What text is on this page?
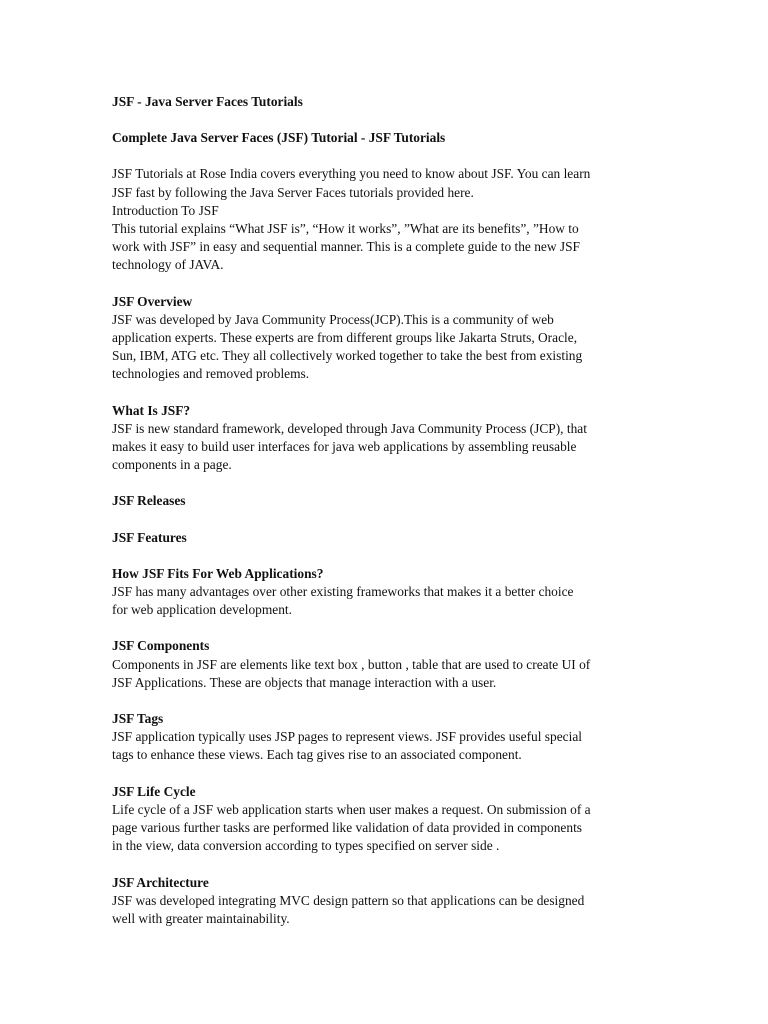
JSF - Java Server Faces Tutorials
Complete Java Server Faces (JSF) Tutorial - JSF Tutorials
JSF Tutorials at Rose India covers everything you need to know about JSF. You can learn
JSF fast by following the Java Server Faces tutorials provided here.
Introduction To JSF
This tutorial explains “What JSF is”, “How it works”, ”What are its benefits”, ”How to
work with JSF” in easy and sequential manner. This is a complete guide to the new JSF
technology of JAVA.
JSF Overview
JSF was developed by Java Community Process(JCP).This is a community of web
application experts. These experts are from different groups like Jakarta Struts, Oracle,
Sun, IBM, ATG etc. They all collectively worked together to take the best from existing
technologies and removed problems.
What Is JSF?
JSF is new standard framework, developed through Java Community Process (JCP), that
makes it easy to build user interfaces for java web applications by assembling reusable
components in a page.
JSF Releases
JSF Features
How JSF Fits For Web Applications?
JSF has many advantages over other existing frameworks that makes it a better choice
for web application development.
JSF Components
Components in JSF are elements like text box , button , table that are used to create UI of
JSF Applications. These are objects that manage interaction with a user.
JSF Tags
JSF application typically uses JSP pages to represent views. JSF provides useful special
tags to enhance these views. Each tag gives rise to an associated component.
JSF Life Cycle
Life cycle of a JSF web application starts when user makes a request. On submission of a
page various further tasks are performed like validation of data provided in components
in the view, data conversion according to types specified on server side .
JSF Architecture
JSF was developed integrating MVC design pattern so that applications can be designed
well with greater maintainability.
